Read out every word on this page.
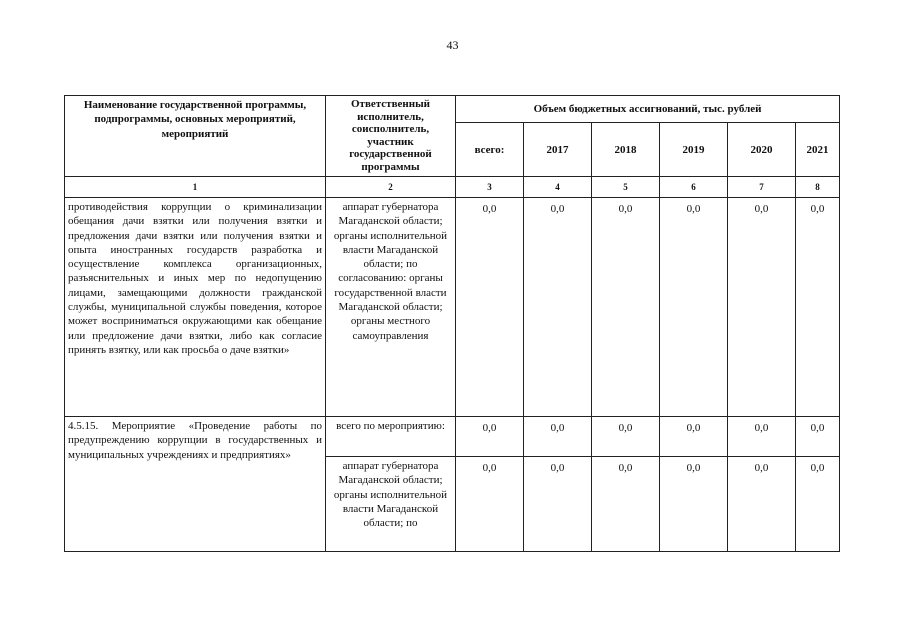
43
Наименование государственной программы, подпрограммы, основных мероприятий, мероприятий	Ответственный исполнитель, соисполнитель, участник государственной программы	Объем бюджетных ассигнований, тыс. рублей					
		всего:	2017	2018	2019	2020	2021
1	2	3	4	5	6	7	8
противодействия коррупции о криминализации обещания дачи взятки или получения взятки и предложения дачи взятки или получения взятки и опыта иностранных государств разработка и осуществление комплекса организационных, разъяснительных и иных мер по недопущению лицами, замещающими должности гражданской службы, муниципальной службы поведения, которое может восприниматься окружающими как обещание или предложение дачи взятки, либо как согласие принять взятку, или как просьба о даче взятки»	аппарат губернатора Магаданской области; органы исполнительной власти Магаданской области; по согласованию: органы государственной власти Магаданской области; органы местного самоуправления	0,0	0,0	0,0	0,0	0,0	0,0
4.5.15. Мероприятие «Проведение работы по предупреждению коррупции в государственных и муниципальных учреждениях и предприятиях»	всего по мероприятию:	0,0	0,0	0,0	0,0	0,0	0,0
	аппарат губернатора Магаданской области; органы исполнительной власти Магаданской области; по	0,0	0,0	0,0	0,0	0,0	0,0
